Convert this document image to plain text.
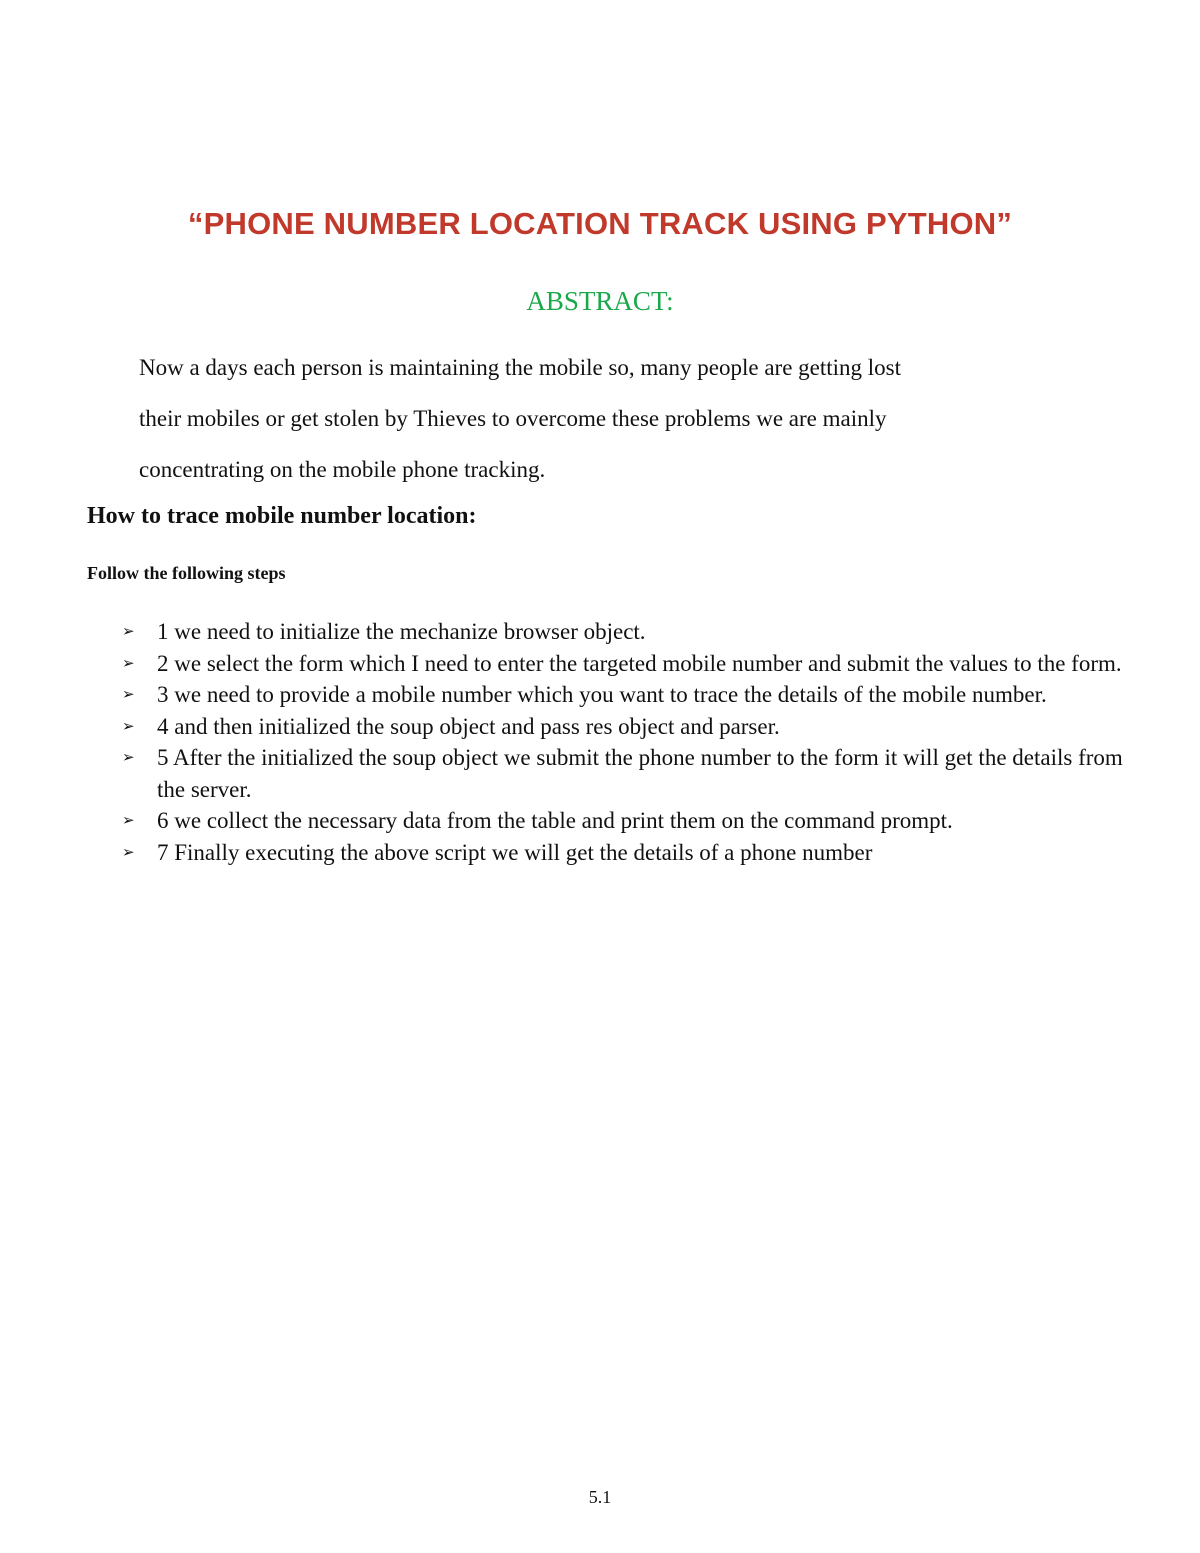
“PHONE NUMBER LOCATION TRACK USING PYTHON”
ABSTRACT:

Now a days each person is maintaining the mobile so, many people are getting lost

their mobiles or get stolen by Thieves to overcome these problems we are mainly

concentrating on the mobile phone tracking.

How to trace mobile number location:
Follow the following steps
➢ 1 we need to initialize the mechanize browser object.
➢ 2 we select the form which I need to enter the targeted mobile number and submit the values to the form.
➢ 3 we need to provide a mobile number which you want to trace the details of the mobile number.
➢ 4 and then initialized the soup object and pass res object and parser.
➢ 5 After the initialized the soup object we submit the phone number to the form it will get the details from the server.
➢ 6 we collect the necessary data from the table and print them on the command prompt.
➢ 7 Finally executing the above script we will get the details of a phone number
5.1
